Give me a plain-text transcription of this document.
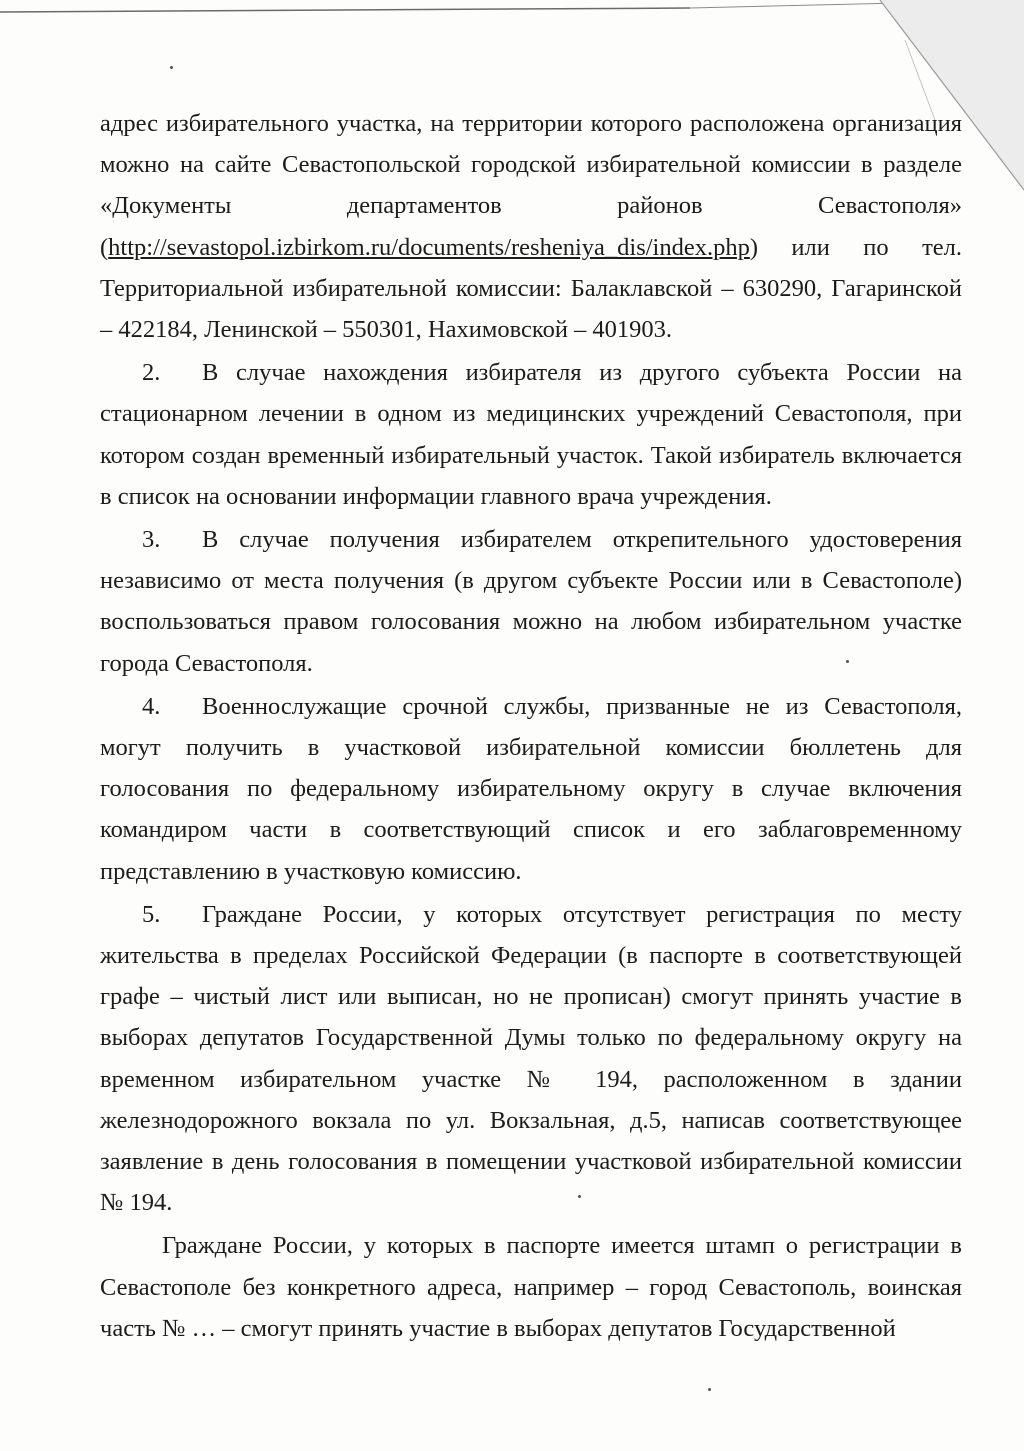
адрес избирательного участка, на территории которого расположена организация можно на сайте Севастопольской городской избирательной комиссии в разделе «Документы департаментов районов Севастополя» (http://sevastopol.izbirkom.ru/documents/resheniya_dis/index.php) или по тел. Территориальной избирательной комиссии: Балаклавской – 630290, Гагаринской – 422184, Ленинской – 550301, Нахимовской – 401903.

2. В случае нахождения избирателя из другого субъекта России на стационарном лечении в одном из медицинских учреждений Севастополя, при котором создан временный избирательный участок. Такой избиратель включается в список на основании информации главного врача учреждения.

3. В случае получения избирателем открепительного удостоверения независимо от места получения (в другом субъекте России или в Севастополе) воспользоваться правом голосования можно на любом избирательном участке города Севастополя.

4. Военнослужащие срочной службы, призванные не из Севастополя, могут получить в участковой избирательной комиссии бюллетень для голосования по федеральному избирательному округу в случае включения командиром части в соответствующий список и его заблаговременному представлению в участковую комиссию.

5. Граждане России, у которых отсутствует регистрация по месту жительства в пределах Российской Федерации (в паспорте в соответствующей графе – чистый лист или выписан, но не прописан) смогут принять участие в выборах депутатов Государственной Думы только по федеральному округу на временном избирательном участке № 194, расположенном в здании железнодорожного вокзала по ул. Вокзальная, д.5, написав соответствующее заявление в день голосования в помещении участковой избирательной комиссии № 194.

Граждане России, у которых в паспорте имеется штамп о регистрации в Севастополе без конкретного адреса, например – город Севастополь, воинская часть № … – смогут принять участие в выборах депутатов Государственной
